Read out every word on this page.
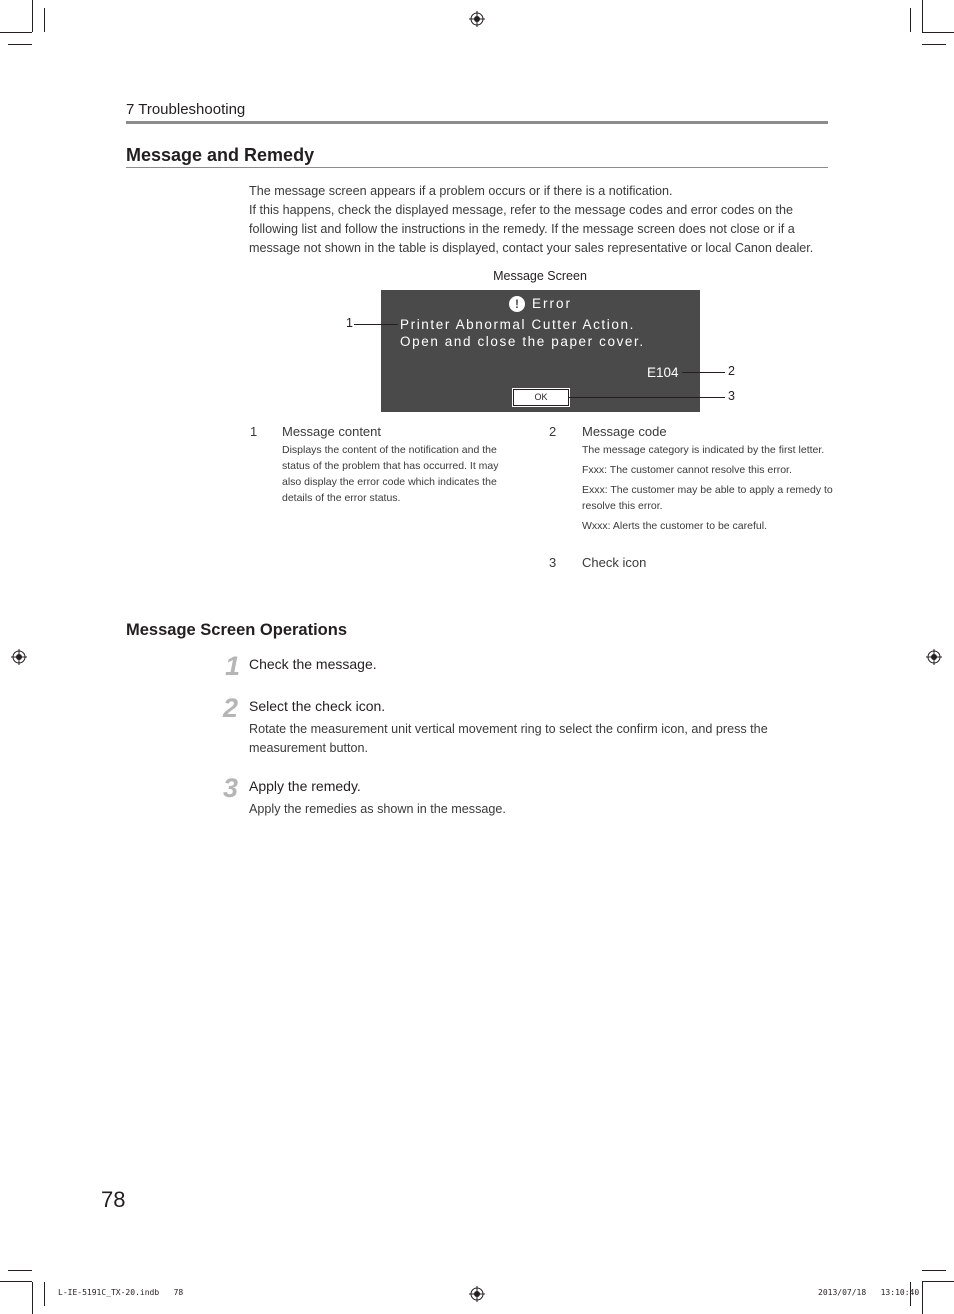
7 Troubleshooting
Message and Remedy

The message screen appears if a problem occurs or if there is a notification.

If this happens, check the displayed message, refer to the message codes and error codes on the following list and follow the instructions in the remedy. If the message screen does not close or if a message not shown in the table is displayed, contact your sales representative or local Canon dealer.

Message Screen
! Error
Printer Abnormal Cutter Action.
Open and close the paper cover.
E104
OK
1
2
3
1 Message content

Displays the content of the notification and the status of the problem that has occurred. It may also display the error code which indicates the details of the error status.

2 Message code

The message category is indicated by the first letter.

Fxxx: The customer cannot resolve this error.

Exxx: The customer may be able to apply a remedy to resolve this error.

Wxxx: Alerts the customer to be careful.

3 Check icon
Message Screen Operations
1 Check the message.
2 Select the check icon.
Rotate the measurement unit vertical movement ring to select the confirm icon, and press the measurement button.
3 Apply the remedy.
Apply the remedies as shown in the message.
78
L-IE-5191C_TX-20.indb   78	2013/07/18   13:10:40
